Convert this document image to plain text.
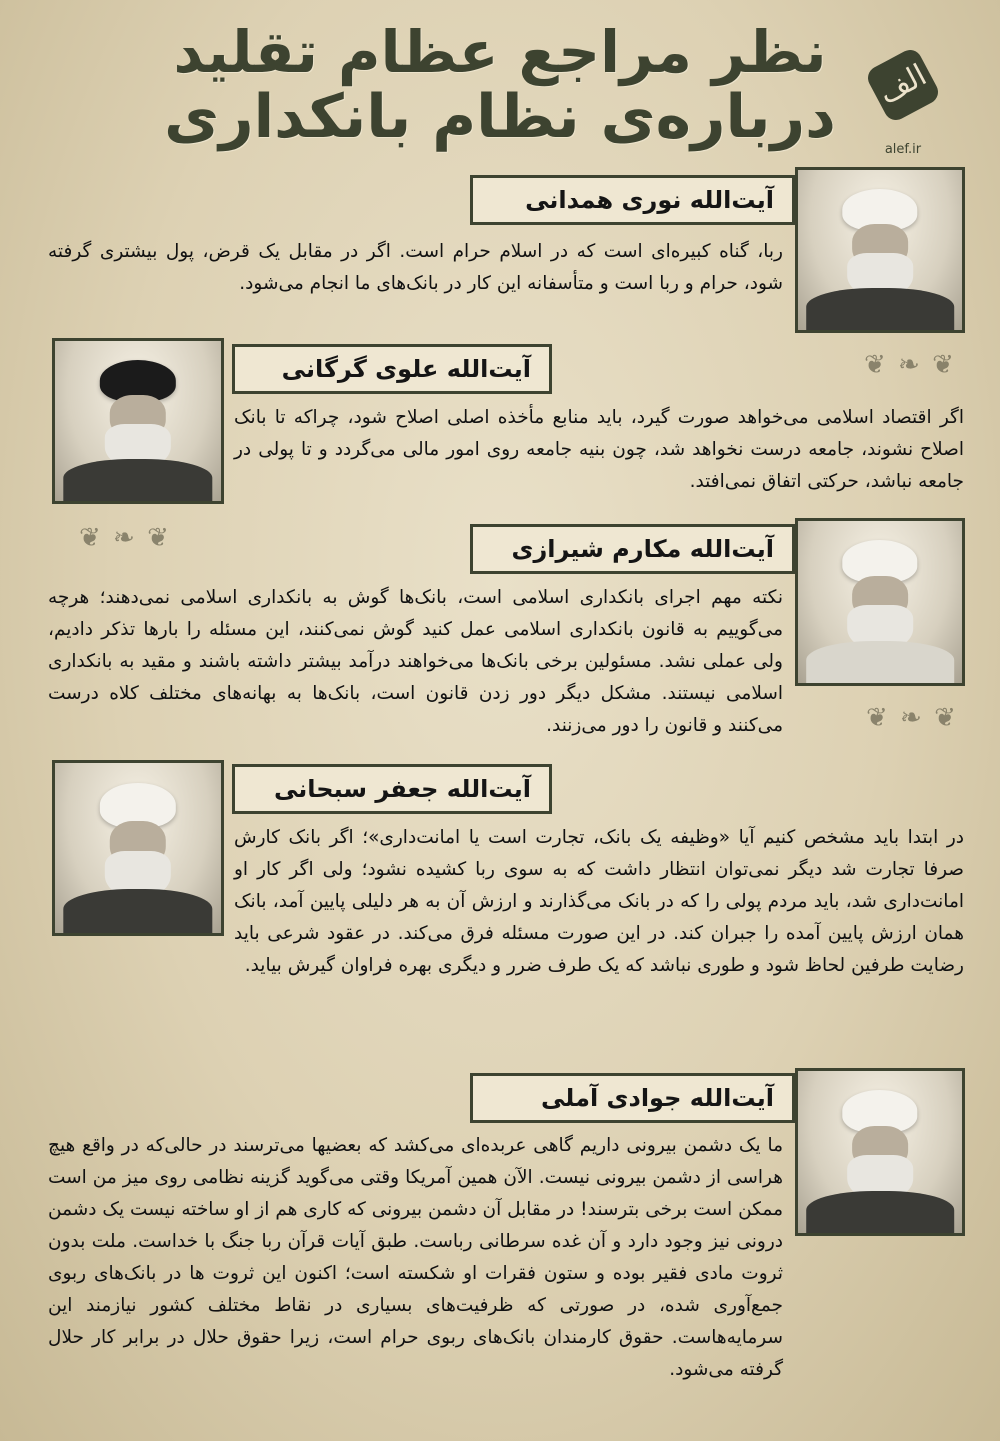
نظر مراجع عظام تقلید
درباره‌ی نظام بانکداری	الف
alef.ir
آیت‌الله نوری همدانی

ربا، گناه کبیره‌ای است که در اسلام حرام است. اگر در مقابل یک قرض، پول بیشتری گرفته شود، حرام و ربا است و متأسفانه این کار در بانک‌های ما انجام می‌شود.

❦ ❧ ❦
آیت‌الله علوی گرگانی

اگر اقتصاد اسلامی می‌خواهد صورت گیرد، باید منابع مأخذه اصلی اصلاح شود، چراکه تا بانک اصلاح نشوند، جامعه درست نخواهد شد، چون بنیه جامعه روی امور مالی می‌گردد و تا پولی در جامعه نباشد، حرکتی اتفاق نمی‌افتد.

❦ ❧ ❦	آیت‌الله مکارم شیرازی

نکته مهم اجرای بانکداری اسلامی است، بانک‌ها گوش به بانکداری اسلامی نمی‌دهند؛ هرچه می‌گوییم به قانون بانکداری اسلامی عمل کنید گوش نمی‌کنند، این مسئله را بارها تذکر دادیم، ولی عملی نشد. مسئولین برخی بانک‌ها می‌خواهند درآمد بیشتر داشته باشند و مقید به بانکداری اسلامی نیستند. مشکل دیگر دور زدن قانون است، بانک‌ها به بهانه‌های مختلف کلاه درست می‌کنند و قانون را دور می‌زنند.	❦ ❧ ❦
آیت‌الله جعفر سبحانی

در ابتدا باید مشخص کنیم آیا «وظیفه یک بانک، تجارت است یا امانت‌داری»؛ اگر بانک کارش صرفا تجارت شد دیگر نمی‌توان انتظار داشت که به سوی ربا کشیده نشود؛ ولی اگر کار او امانت‌داری شد، باید مردم پولی را که در بانک می‌گذارند و ارزش آن به هر دلیلی پایین آمد، بانک همان ارزش پایین آمده را جبران کند. در این صورت مسئله فرق می‌کند. در عقود شرعی باید رضایت طرفین لحاظ شود و طوری نباشد که یک طرف ضرر و دیگری بهره فراوان گیرش بیاید.

آیت‌الله جوادی آملی

ما یک دشمن بیرونی داریم گاهی عربده‌ای می‌کشد که بعضیها می‌ترسند در حالی‌که در واقع هیچ هراسی از دشمن بیرونی نیست. الآن همین آمریکا وقتی می‌گوید گزینه نظامی روی میز من است ممکن است برخی بترسند! در مقابل آن دشمن بیرونی که کاری هم از او ساخته نیست یک دشمن درونی نیز وجود دارد و آن غده سرطانی رباست. طبق آیات قرآن ربا جنگ با خداست. ملت بدون ثروت مادی فقیر بوده و ستون فقرات او شکسته است؛ اکنون این ثروت ها در بانک‌های ربوی جمع‌آوری شده، در صورتی که ظرفیت‌های بسیاری در نقاط مختلف کشور نیازمند این سرمایه‌هاست. حقوق کارمندان بانک‌های ربوی حرام است، زیرا حقوق حلال در برابر کار حلال گرفته می‌شود.
